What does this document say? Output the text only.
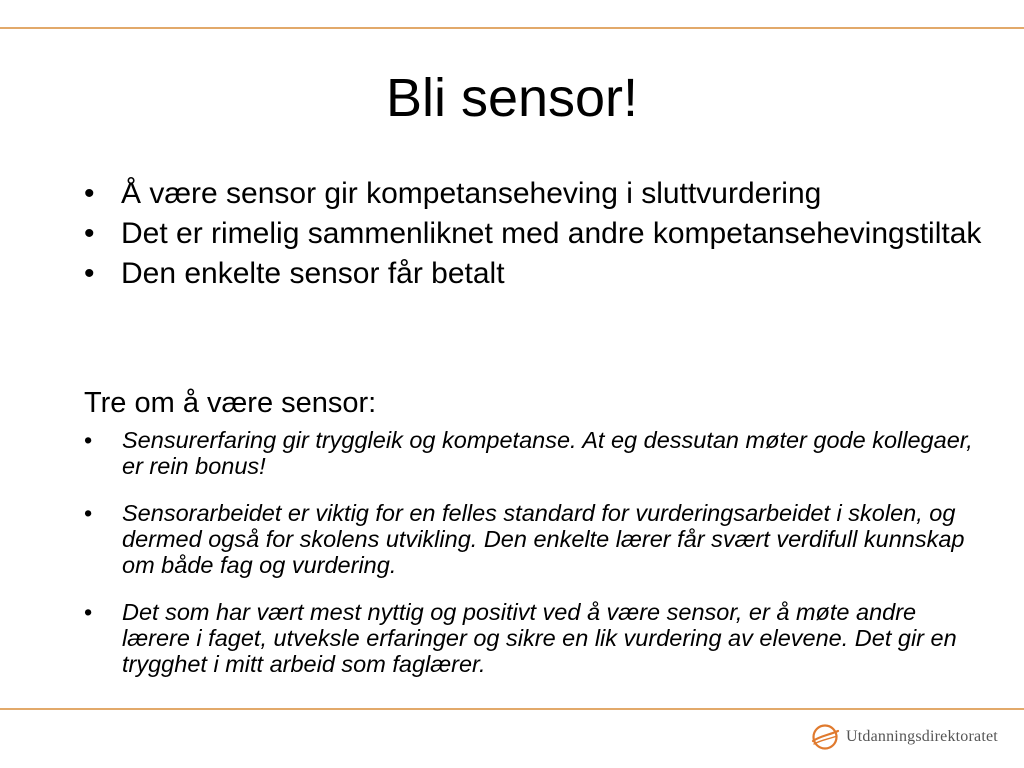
Bli sensor!
• Å være sensor gir kompetanseheving i sluttvurdering
• Det er rimelig sammenliknet med andre kompetansehevingstiltak
• Den enkelte sensor får betalt
Tre om å være sensor:
• Sensurerfaring gir tryggleik og kompetanse. At eg dessutan møter gode kollegaer, er rein bonus!
• Sensorarbeidet er viktig for en felles standard for vurderingsarbeidet i skolen, og dermed også for skolens utvikling. Den enkelte lærer får svært verdifull kunnskap om både fag og vurdering.
• Det som har vært mest nyttig og positivt ved å være sensor, er å møte andre lærere i faget, utveksle erfaringer og sikre en lik vurdering av elevene. Det gir en trygghet i mitt arbeid som faglærer.
Utdanningsdirektoratet
